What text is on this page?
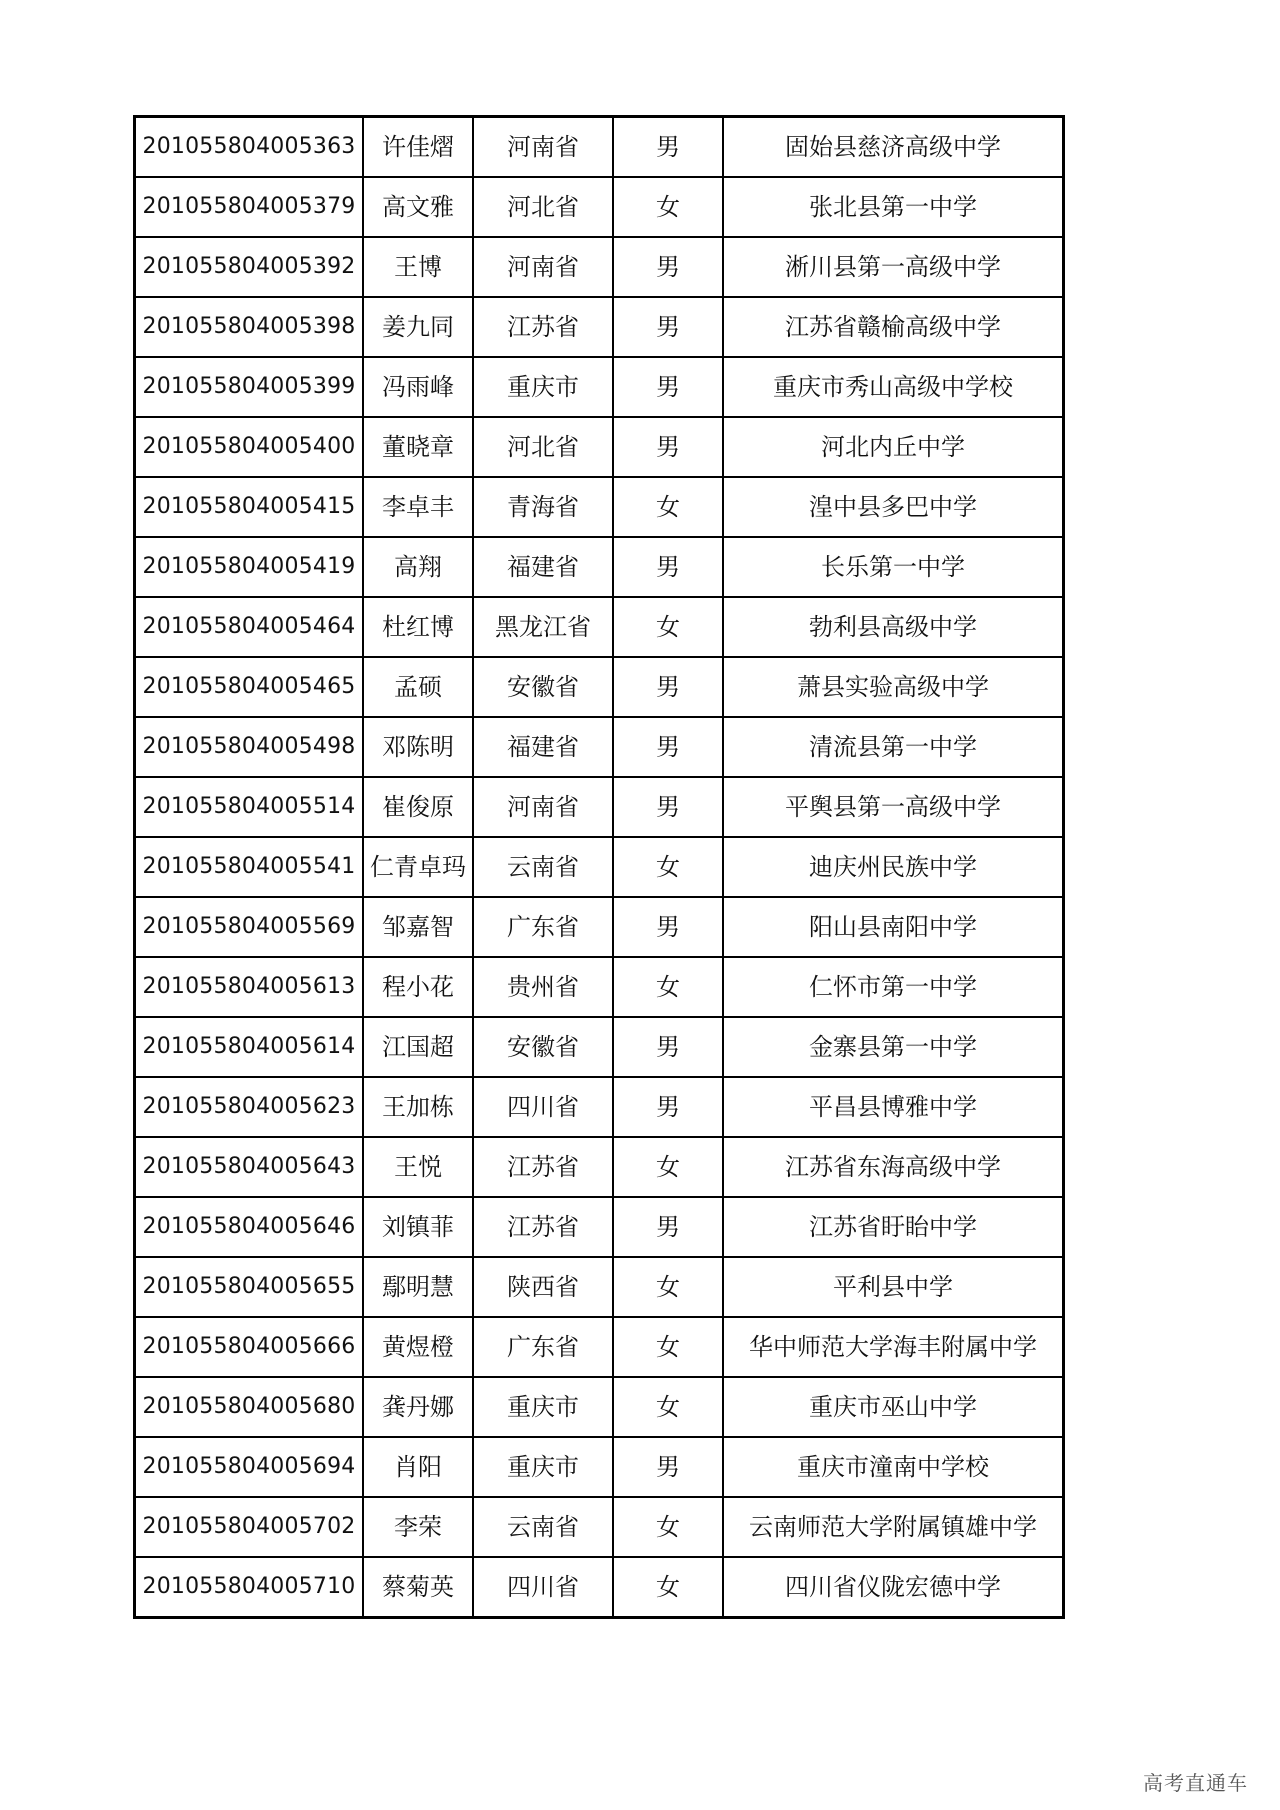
201055804005363	许佳熠	河南省	男	固始县慈济高级中学
201055804005379	高文雅	河北省	女	张北县第一中学
201055804005392	王博	河南省	男	淅川县第一高级中学
201055804005398	姜九同	江苏省	男	江苏省赣榆高级中学
201055804005399	冯雨峰	重庆市	男	重庆市秀山高级中学校
201055804005400	董晓章	河北省	男	河北内丘中学
201055804005415	李卓丰	青海省	女	湟中县多巴中学
201055804005419	高翔	福建省	男	长乐第一中学
201055804005464	杜红博	黑龙江省	女	勃利县高级中学
201055804005465	孟硕	安徽省	男	萧县实验高级中学
201055804005498	邓陈明	福建省	男	清流县第一中学
201055804005514	崔俊原	河南省	男	平舆县第一高级中学
201055804005541	仁青卓玛	云南省	女	迪庆州民族中学
201055804005569	邹嘉智	广东省	男	阳山县南阳中学
201055804005613	程小花	贵州省	女	仁怀市第一中学
201055804005614	江国超	安徽省	男	金寨县第一中学
201055804005623	王加栋	四川省	男	平昌县博雅中学
201055804005643	王悦	江苏省	女	江苏省东海高级中学
201055804005646	刘镇菲	江苏省	男	江苏省盱眙中学
201055804005655	鄢明慧	陕西省	女	平利县中学
201055804005666	黄煜橙	广东省	女	华中师范大学海丰附属中学
201055804005680	龚丹娜	重庆市	女	重庆市巫山中学
201055804005694	肖阳	重庆市	男	重庆市潼南中学校
201055804005702	李荣	云南省	女	云南师范大学附属镇雄中学
201055804005710	蔡菊英	四川省	女	四川省仪陇宏德中学
高考直通车
